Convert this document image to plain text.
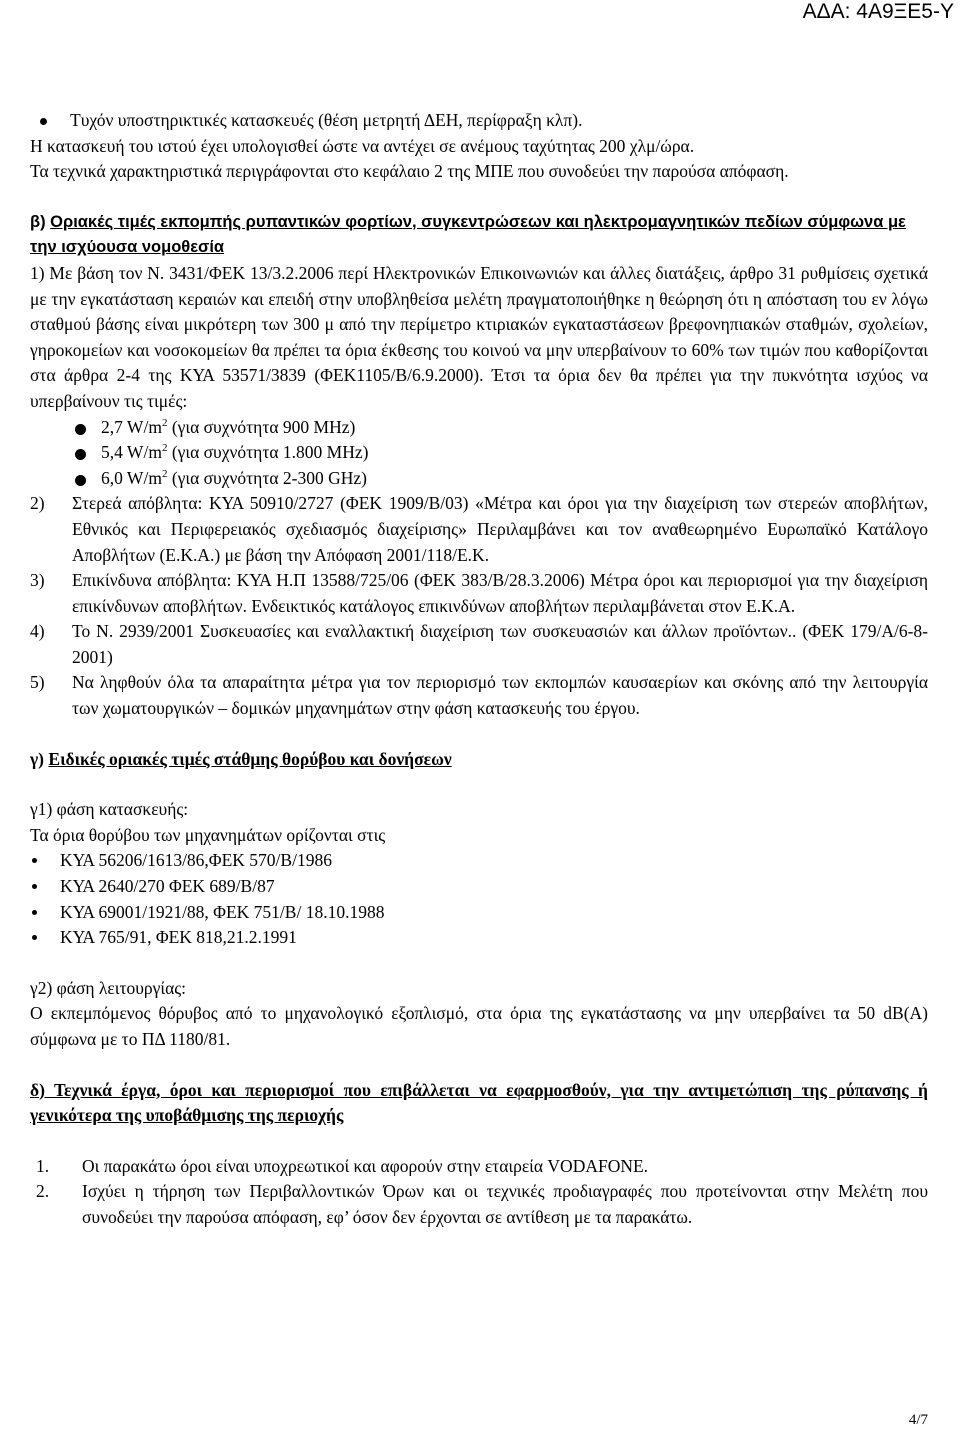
ΑΔΑ: 4Α9ΞΕ5-Υ

Τυχόν υποστηρικτικές κατασκευές (θέση μετρητή ΔΕΗ, περίφραξη κλπ).

Η κατασκευή του ιστού έχει υπολογισθεί ώστε να αντέχει σε ανέμους ταχύτητας 200 χλμ/ώρα.

Τα τεχνικά χαρακτηριστικά περιγράφονται στο κεφάλαιο 2 της ΜΠΕ που συνοδεύει την παρούσα απόφαση.

β) Οριακές τιμές εκπομπής ρυπαντικών φορτίων, συγκεντρώσεων και ηλεκτρομαγνητικών πεδίων σύμφωνα με την ισχύουσα νομοθεσία

1) Με βάση τον Ν. 3431/ΦΕΚ 13/3.2.2006 περί Ηλεκτρονικών Επικοινωνιών και άλλες διατάξεις, άρθρο 31 ρυθμίσεις σχετικά με την εγκατάσταση κεραιών και επειδή στην υποβληθείσα μελέτη πραγματοποιήθηκε η θεώρηση ότι η απόσταση του εν λόγω σταθμού βάσης είναι μικρότερη των 300 μ από την περίμετρο κτιριακών εγκαταστάσεων βρεφονηπιακών σταθμών, σχολείων, γηροκομείων και νοσοκομείων θα πρέπει τα όρια έκθεσης του κοινού να μην υπερβαίνουν το 60% των τιμών που καθορίζονται στα άρθρα 2-4 της ΚΥΑ 53571/3839 (ΦΕΚ1105/Β/6.9.2000). Έτσι τα όρια δεν θα πρέπει για την πυκνότητα ισχύος να υπερβαίνουν τις τιμές:

2,7 $W/m^2$ (για συχνότητα 900 MHz)

5,4 $W/m^2$ (για συχνότητα 1.800 MHz)

6,0 $W/m^2$ (για συχνότητα 2-300 GHz)

2) Στερεά απόβλητα: ΚΥΑ 50910/2727 (ΦΕΚ 1909/Β/03) «Μέτρα και όροι για την διαχείριση των στερεών αποβλήτων, Εθνικός και Περιφερειακός σχεδιασμός διαχείρισης» Περιλαμβάνει και τον αναθεωρημένο Ευρωπαϊκό Κατάλογο Αποβλήτων (Ε.Κ.Α.) με βάση την Απόφαση 2001/118/Ε.Κ.

3) Επικίνδυνα απόβλητα: ΚΥΑ Η.Π 13588/725/06 (ΦΕΚ 383/Β/28.3.2006) Μέτρα όροι και περιορισμοί για την διαχείριση επικίνδυνων αποβλήτων. Ενδεικτικός κατάλογος επικινδύνων αποβλήτων περιλαμβάνεται στον Ε.Κ.Α.

4) Το Ν. 2939/2001 Συσκευασίες και εναλλακτική διαχείριση των συσκευασιών και άλλων προϊόντων.. (ΦΕΚ 179/Α/6-8-2001)

5) Να ληφθούν όλα τα απαραίτητα μέτρα για τον περιορισμό των εκπομπών καυσαερίων και σκόνης από την λειτουργία των χωματουργικών – δομικών μηχανημάτων στην φάση κατασκευής του έργου.

γ) Ειδικές οριακές τιμές στάθμης θορύβου και δονήσεων

γ1) φάση κατασκευής:

Τα όρια θορύβου των μηχανημάτων ορίζονται στις

ΚΥΑ 56206/1613/86,ΦΕΚ 570/Β/1986

ΚΥΑ 2640/270 ΦΕΚ 689/Β/87

ΚΥΑ 69001/1921/88, ΦΕΚ 751/Β/ 18.10.1988

ΚΥΑ 765/91, ΦΕΚ 818,21.2.1991

γ2) φάση λειτουργίας:

Ο εκπεμπόμενος θόρυβος από το μηχανολογικό εξοπλισμό, στα όρια της εγκατάστασης να μην υπερβαίνει τα 50 dB(A) σύμφωνα με το ΠΔ 1180/81.

δ) Τεχνικά έργα, όροι και περιορισμοί που επιβάλλεται να εφαρμοσθούν, για την αντιμετώπιση της ρύπανσης ή γενικότερα της υποβάθμισης της περιοχής

1. Οι παρακάτω όροι είναι υποχρεωτικοί και αφορούν στην εταιρεία VODAFONE.

2. Ισχύει η τήρηση των Περιβαλλοντικών Όρων και οι τεχνικές προδιαγραφές που προτείνονται στην Μελέτη που συνοδεύει την παρούσα απόφαση, εφ’ όσον δεν έρχονται σε αντίθεση με τα παρακάτω.

4/7
